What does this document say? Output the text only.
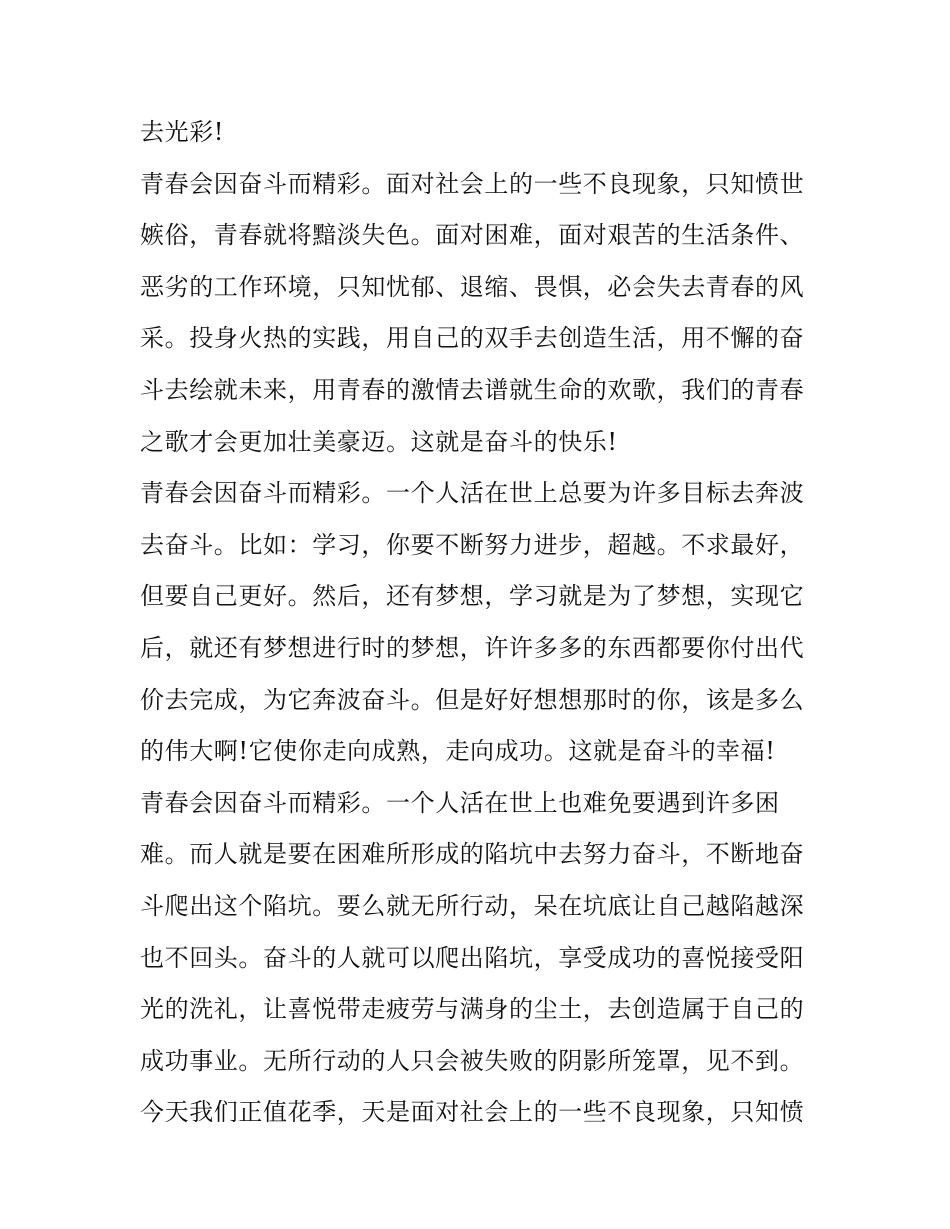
去光彩!
青春会因奋斗而精彩。面对社会上的一些不良现象，只知愤世
嫉俗，青春就将黯淡失色。面对困难，面对艰苦的生活条件、
恶劣的工作环境，只知忧郁、退缩、畏惧，必会失去青春的风
采。投身火热的实践，用自己的双手去创造生活，用不懈的奋
斗去绘就未来，用青春的激情去谱就生命的欢歌，我们的青春
之歌才会更加壮美豪迈。这就是奋斗的快乐!
青春会因奋斗而精彩。一个人活在世上总要为许多目标去奔波
去奋斗。比如：学习，你要不断努力进步，超越。不求最好，
但要自己更好。然后，还有梦想，学习就是为了梦想，实现它
后，就还有梦想进行时的梦想，许许多多的东西都要你付出代
价去完成，为它奔波奋斗。但是好好想想那时的你，该是多么
的伟大啊!它使你走向成熟，走向成功。这就是奋斗的幸福!
青春会因奋斗而精彩。一个人活在世上也难免要遇到许多困
难。而人就是要在困难所形成的陷坑中去努力奋斗，不断地奋
斗爬出这个陷坑。要么就无所行动，呆在坑底让自己越陷越深
也不回头。奋斗的人就可以爬出陷坑，享受成功的喜悦接受阳
光的洗礼，让喜悦带走疲劳与满身的尘土，去创造属于自己的
成功事业。无所行动的人只会被失败的阴影所笼罩，见不到。
今天我们正值花季，天是面对社会上的一些不良现象，只知愤
